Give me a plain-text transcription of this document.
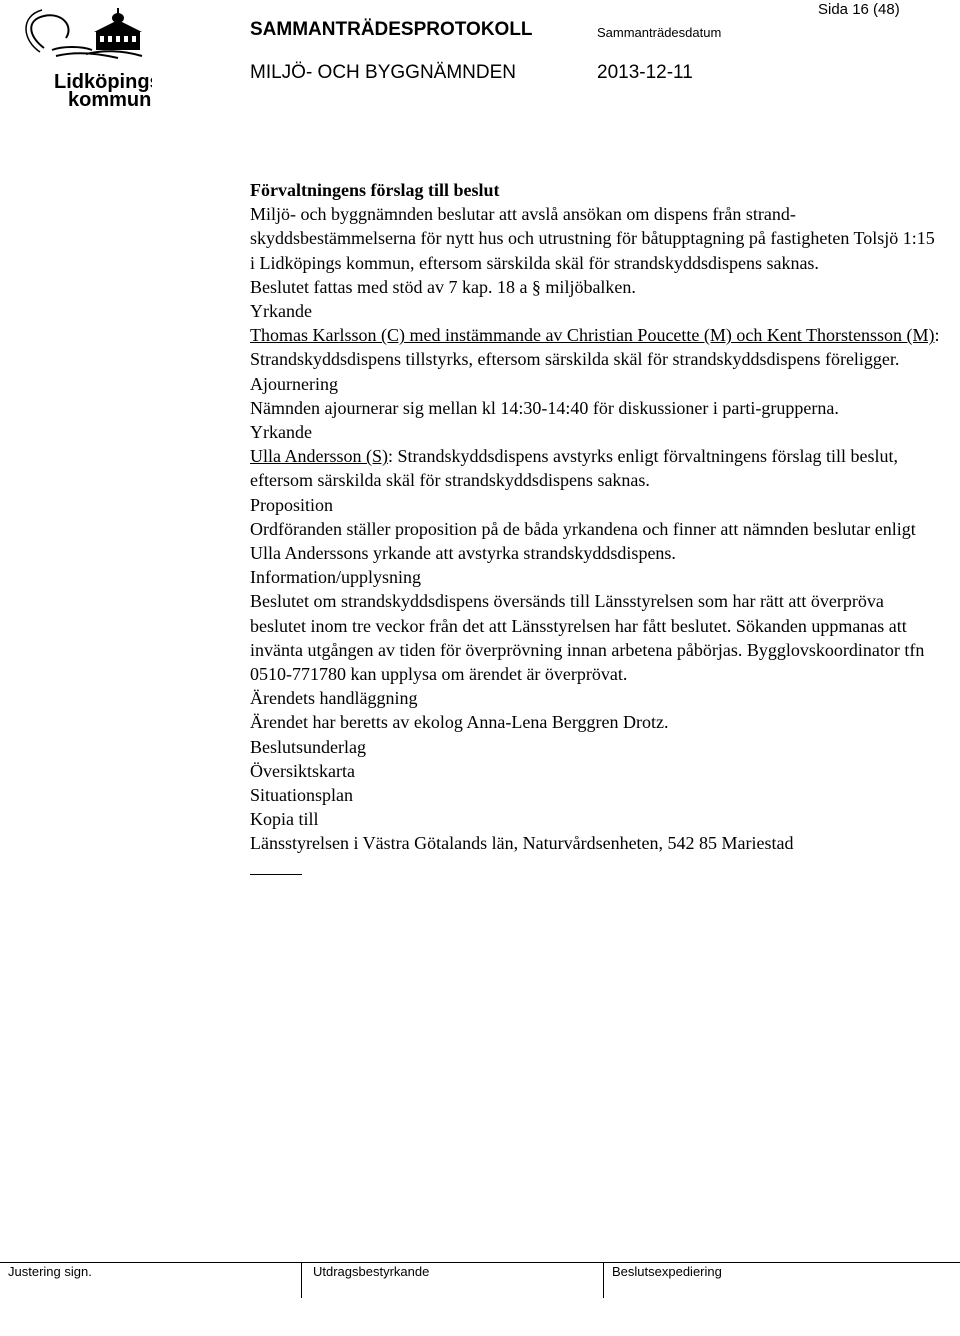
Lidköpings
kommun
SAMMANTRÄDESPROTOKOLL	Sammanträdesdatum
MILJÖ- OCH BYGGNÄMNDEN	2013-12-11
Sida 16 (48)

Förvaltningens förslag till beslut

Miljö- och byggnämnden beslutar att avslå ansökan om dispens från strand-skyddsbestämmelserna för nytt hus och utrustning för båtupptagning på fastigheten Tolsjö 1:15 i Lidköpings kommun, eftersom särskilda skäl för strandskyddsdispens saknas.

Beslutet fattas med stöd av 7 kap. 18 a § miljöbalken.

Yrkande

Thomas Karlsson (C) med instämmande av Christian Poucette (M) och Kent Thorstensson (M): Strandskyddsdispens tillstyrks, eftersom särskilda skäl för strandskyddsdispens föreligger.

Ajournering

Nämnden ajournerar sig mellan kl 14:30-14:40 för diskussioner i parti-grupperna.

Yrkande

Ulla Andersson (S): Strandskyddsdispens avstyrks enligt förvaltningens förslag till beslut, eftersom särskilda skäl för strandskyddsdispens saknas.

Proposition

Ordföranden ställer proposition på de båda yrkandena och finner att nämnden beslutar enligt Ulla Anderssons yrkande att avstyrka strandskyddsdispens.

Information/upplysning

Beslutet om strandskyddsdispens översänds till Länsstyrelsen som har rätt att överpröva beslutet inom tre veckor från det att Länsstyrelsen har fått beslutet. Sökanden uppmanas att invänta utgången av tiden för överprövning innan arbetena påbörjas. Bygglovskoordinator tfn 0510-771780 kan upplysa om ärendet är överprövat.

Ärendets handläggning

Ärendet har beretts av ekolog Anna-Lena Berggren Drotz.

Beslutsunderlag

Översiktskarta

Situationsplan

Kopia till

Länsstyrelsen i Västra Götalands län, Naturvårdsenheten, 542 85 Mariestad

Justering sign.	Utdragsbestyrkande	Beslutsexpediering
